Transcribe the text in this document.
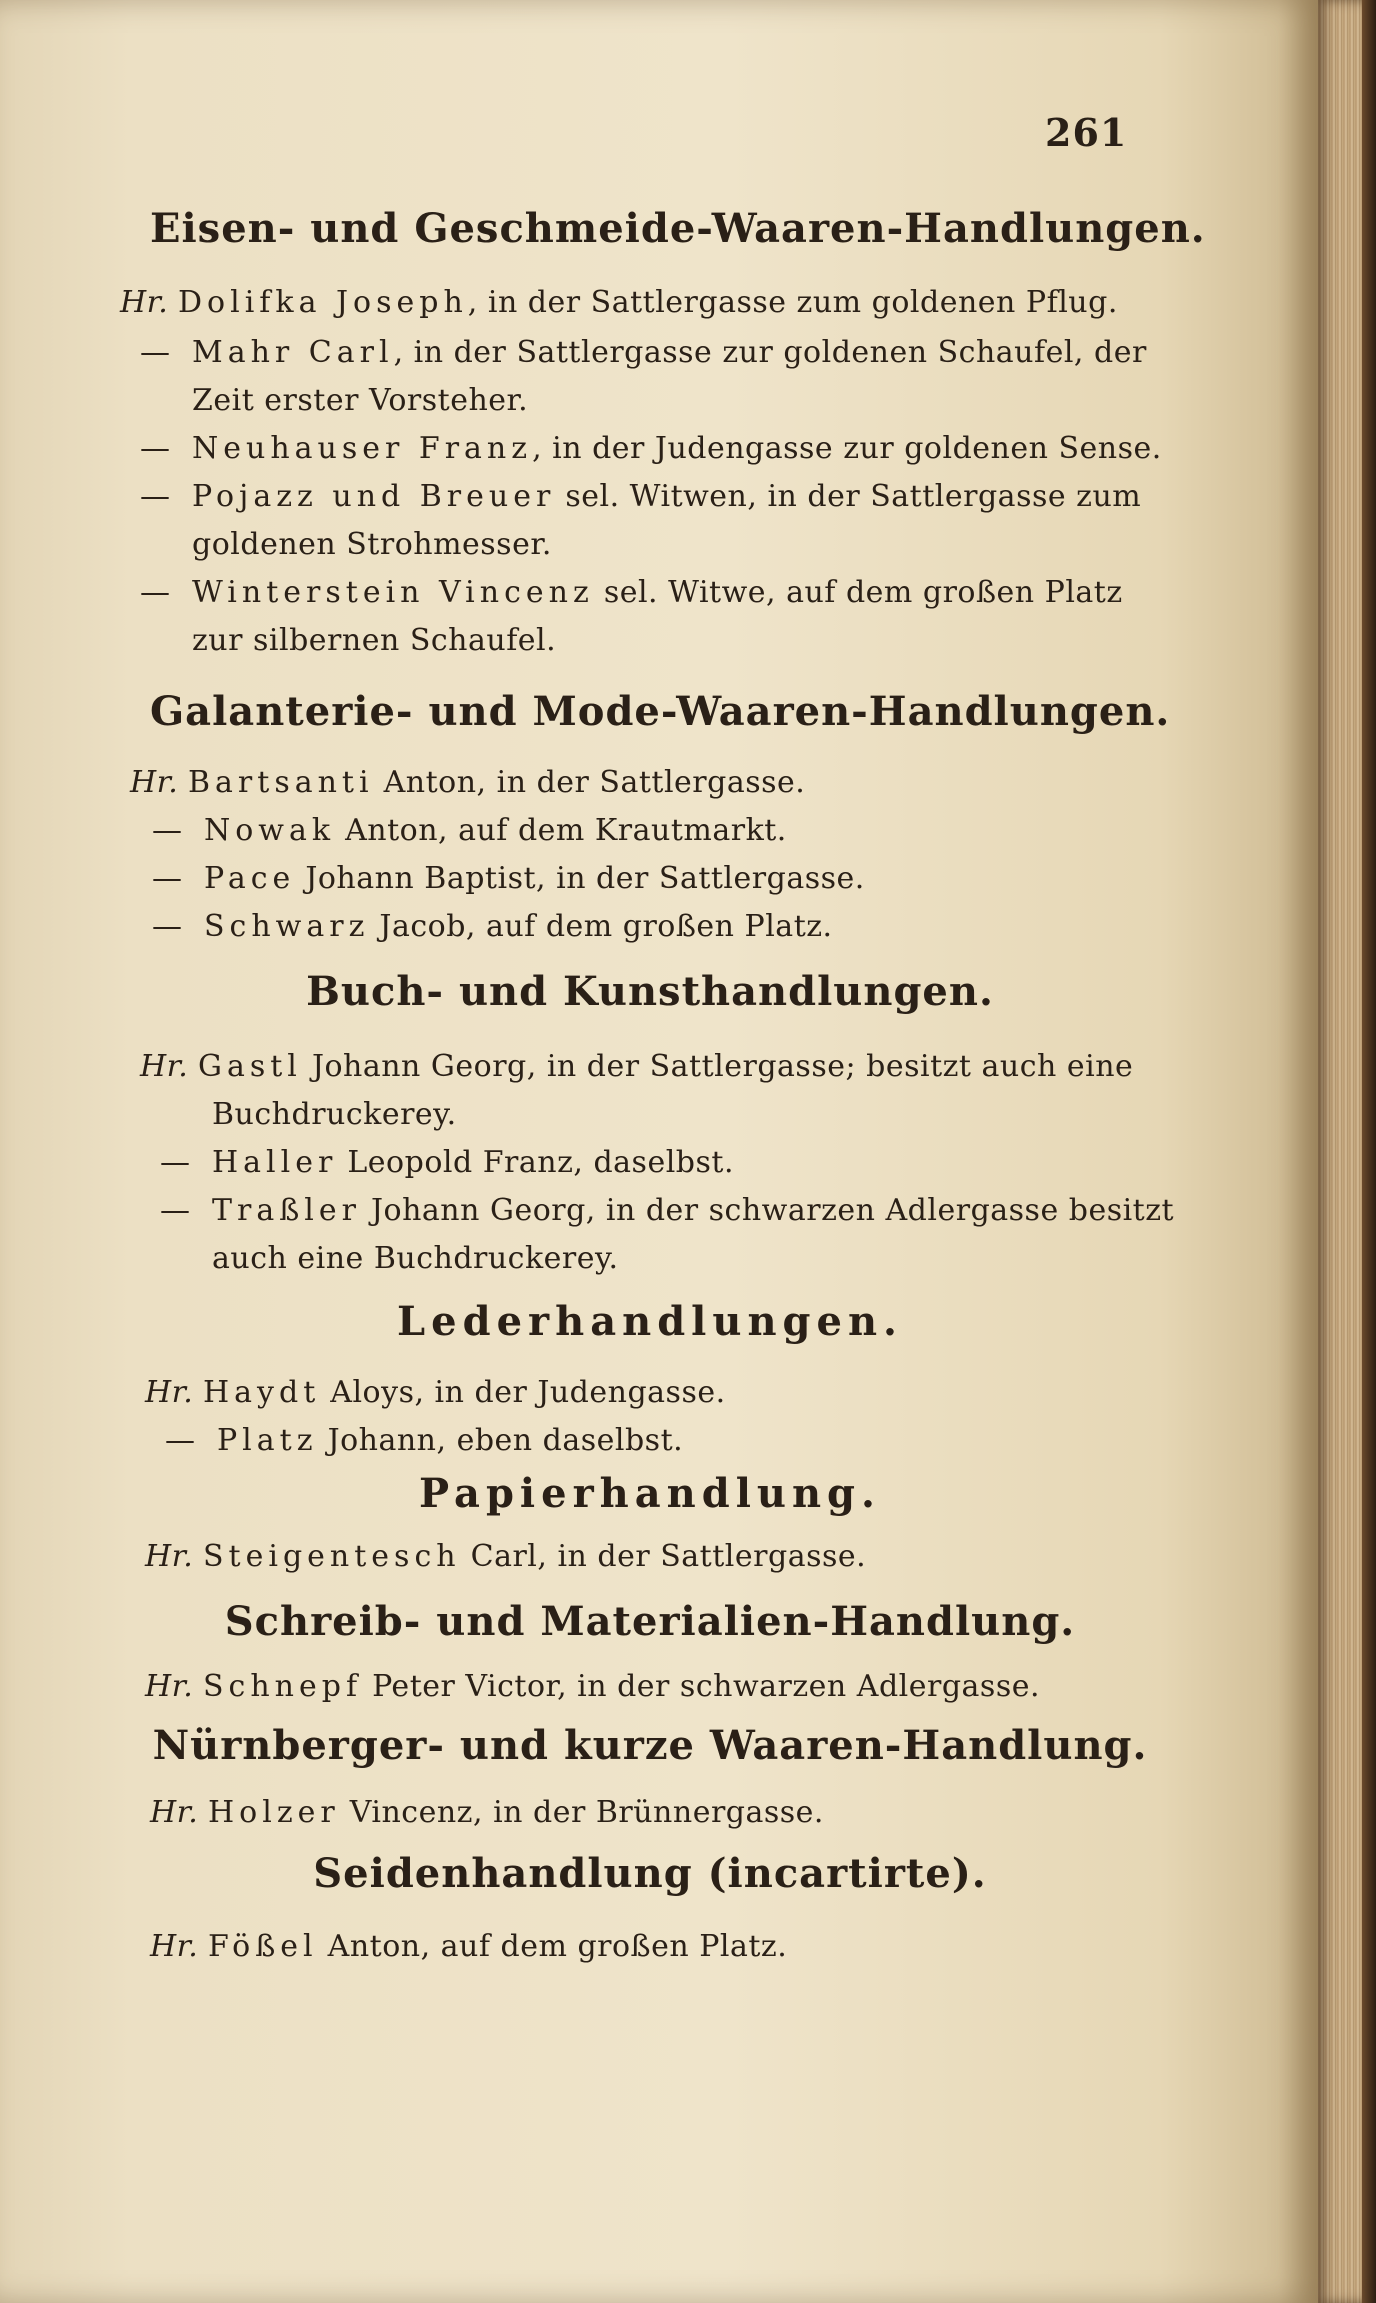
261
Eisen- und Geschmeide-Waaren-Handlungen.
Hr. Dolifka Joseph, in der Sattlergasse zum goldenen Pflug.
— Mahr Carl, in der Sattlergasse zur goldenen Schaufel, der
Zeit erster Vorsteher.
— Neuhauser Franz, in der Judengasse zur goldenen Sense.
— Pojazz und Breuer sel. Witwen, in der Sattlergasse zum
goldenen Strohmesser.
— Winterstein Vincenz sel. Witwe, auf dem großen Platz
zur silbernen Schaufel.
Galanterie- und Mode-Waaren-Handlungen.
Hr. Bartsanti Anton, in der Sattlergasse.
— Nowak Anton, auf dem Krautmarkt.
— Pace Johann Baptist, in der Sattlergasse.
— Schwarz Jacob, auf dem großen Platz.
Buch- und Kunsthandlungen.
Hr. Gastl Johann Georg, in der Sattlergasse; besitzt auch eine
Buchdruckerey.
— Haller Leopold Franz, daselbst.
— Traßler Johann Georg, in der schwarzen Adlergasse besitzt
auch eine Buchdruckerey.
Lederhandlungen.
Hr. Haydt Aloys, in der Judengasse.
— Platz Johann, eben daselbst.
Papierhandlung.
Hr. Steigentesch Carl, in der Sattlergasse.
Schreib- und Materialien-Handlung.
Hr. Schnepf Peter Victor, in der schwarzen Adlergasse.
Nürnberger- und kurze Waaren-Handlung.
Hr. Holzer Vincenz, in der Brünnergasse.
Seidenhandlung (incartirte).
Hr. Fößel Anton, auf dem großen Platz.
